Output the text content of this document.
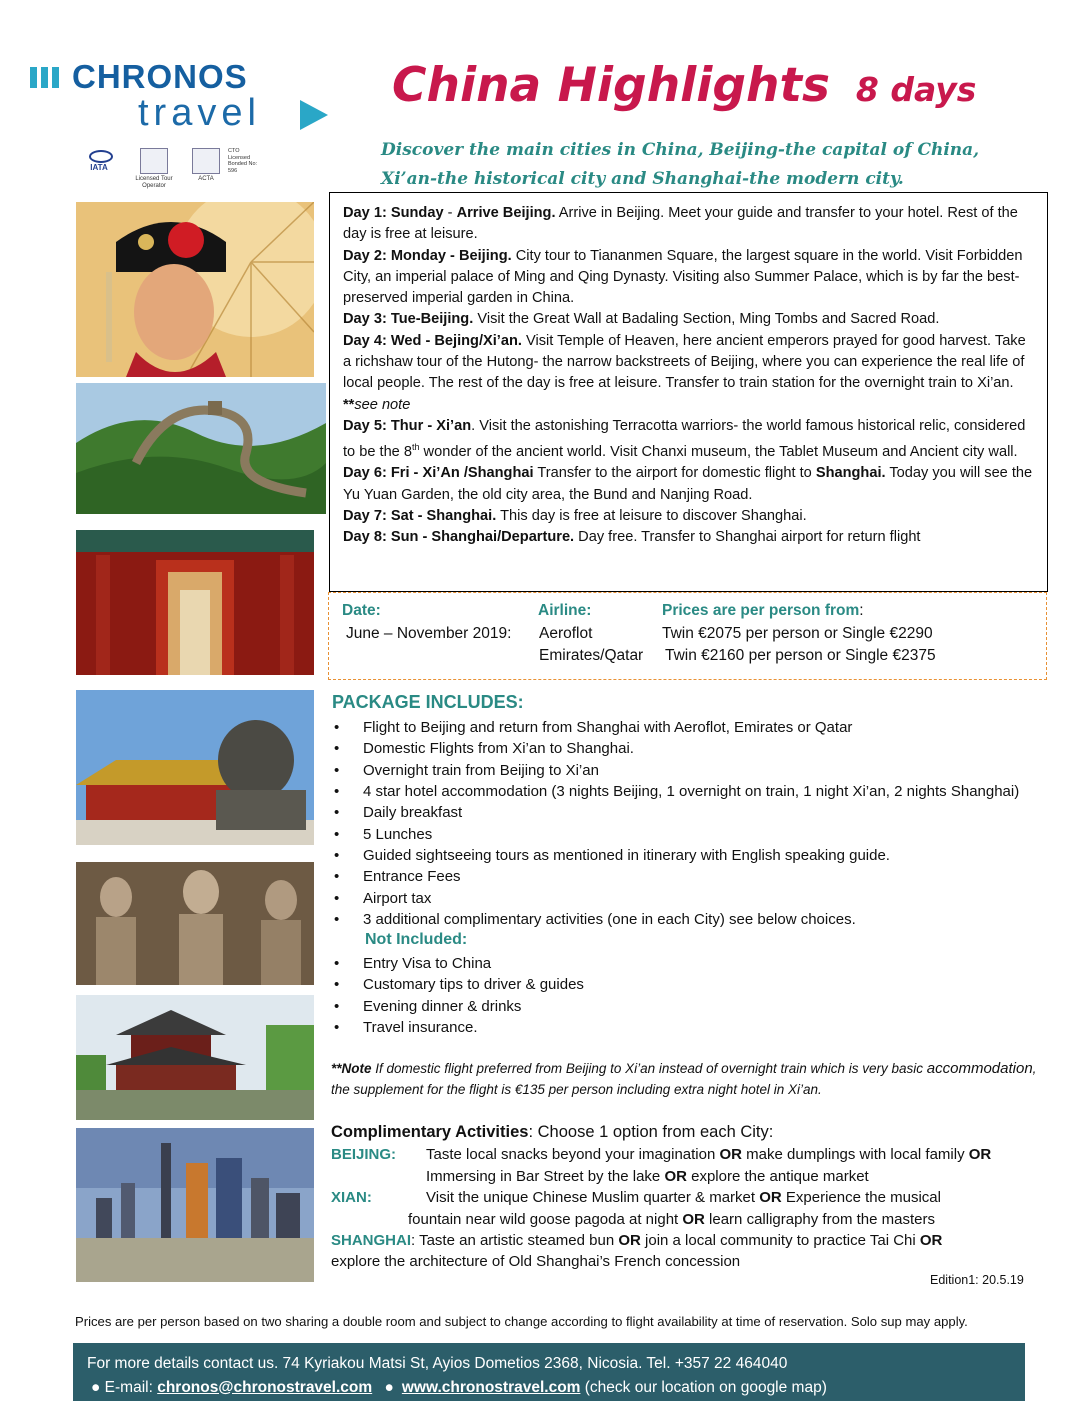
CHRONOS
travel
IATA
Licensed Tour Operator
ACTA
CTO Licensed Bonded No: 596
China Highlights 8 days
Discover the main cities in China, Beijing-the capital of China, Xi’an-the historical city and Shanghai-the modern city.

Day 1: Sunday - Arrive Beijing. Arrive in Beijing. Meet your guide and transfer to your hotel. Rest of the day is free at leisure.

Day 2: Monday - Beijing. City tour to Tiananmen Square, the largest square in the world. Visit Forbidden City, an imperial palace of Ming and Qing Dynasty. Visiting also Summer Palace, which is by far the best-preserved imperial garden in China.

Day 3: Tue-Beijing. Visit the Great Wall at Badaling Section, Ming Tombs and Sacred Road.

Day 4: Wed - Bejing/Xi’an. Visit Temple of Heaven, here ancient emperors prayed for good harvest. Take a richshaw tour of the Hutong- the narrow backstreets of Beijing, where you can experience the real life of local people. The rest of the day is free at leisure. Transfer to train station for the overnight train to Xi’an. **see note

Day 5: Thur - Xi’an. Visit the astonishing Terracotta warriors- the world famous historical relic, considered to be the 8th wonder of the ancient world. Visit Chanxi museum, the Tablet Museum and Ancient city wall.

Day 6: Fri - Xi’An /Shanghai Transfer to the airport for domestic flight to Shanghai. Today you will see the Yu Yuan Garden, the old city area, the Bund and Nanjing Road.

Day 7: Sat - Shanghai. This day is free at leisure to discover Shanghai.

Day 8: Sun - Shanghai/Departure. Day free. Transfer to Shanghai airport for return flight

Date:	Airline:	Prices are per person from:
June – November 2019: Aeroflot	Twin €2075 per person or Single €2290
Emirates/Qatar Twin €2160 per person or Single €2375
PACKAGE INCLUDES:
• Flight to Beijing and return from Shanghai with Aeroflot, Emirates or Qatar
• Domestic Flights from Xi’an to Shanghai.
• Overnight train from Beijing to Xi’an
• 4 star hotel accommodation (3 nights Beijing, 1 overnight on train, 1 night Xi’an, 2 nights Shanghai)
• Daily breakfast
• 5 Lunches
• Guided sightseeing tours as mentioned in itinerary with English speaking guide.
• Entrance Fees
• Airport tax
• 3 additional complimentary activities (one in each City) see below choices.
Not Included:
• Entry Visa to China
• Customary tips to driver & guides
• Evening dinner & drinks
• Travel insurance.
**Note If domestic flight preferred from Beijing to Xi’an instead of overnight train which is very basic accommodation, the supplement for the flight is €135 per person including extra night hotel in Xi’an.
Complimentary Activities: Choose 1 option from each City:
BEIJING: Taste local snacks beyond your imagination OR make dumplings with local family OR
Immersing in Bar Street by the lake OR explore the antique market
XIAN:	Visit the unique Chinese Muslim quarter & market OR Experience the musical
fountain near wild goose pagoda at night OR learn calligraphy from the masters
SHANGHAI: Taste an artistic steamed bun OR join a local community to practice Tai Chi OR
explore the architecture of Old Shanghai’s French concession
Edition1: 20.5.19
Prices are per person based on two sharing a double room and subject to change according to flight availability at time of reservation. Solo sup may apply.
For more details contact us. 74 Kyriakou Matsi St, Ayios Dometios 2368, Nicosia. Tel. +357 22 464040
● E-mail: chronos@chronostravel.com ● www.chronostravel.com (check our location on google map)
